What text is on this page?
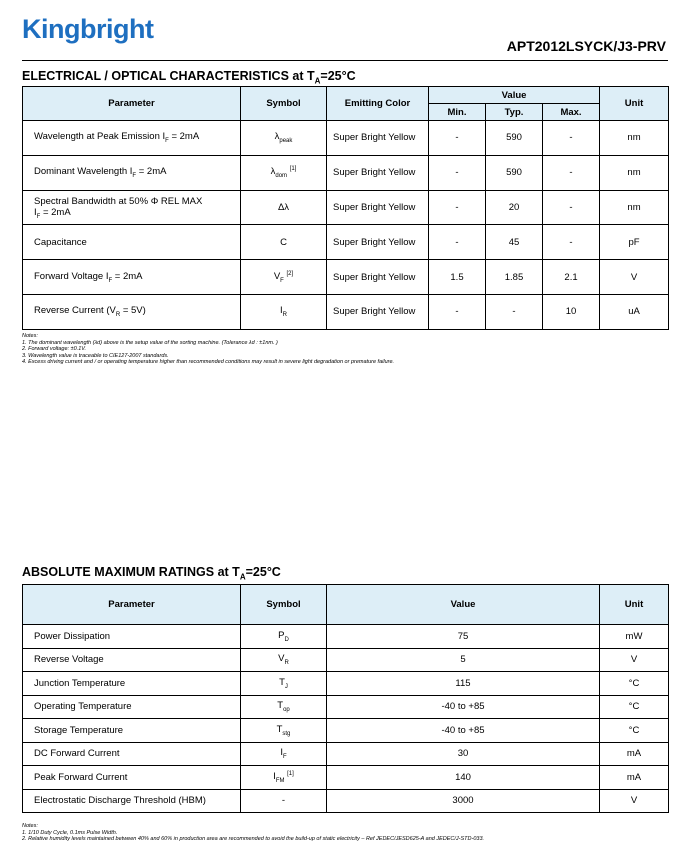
Kingbright
APT2012LSYCK/J3-PRV
ELECTRICAL / OPTICAL CHARACTERISTICS at $T_A=25^\circ C$
Parameter	Symbol	Emitting Color	Value			Unit
			Min.	Typ.	Max.	
Wavelength at Peak Emission $I_F = 2mA$	$\lambda_{peak}$	Super Bright Yellow	-	590	-	nm
Dominant Wavelength $I_F = 2mA$	$\lambda_{dom}$ [1]	Super Bright Yellow	-	590	-	nm
Spectral Bandwidth at 50% Φ REL MAX
$I_F = 2mA$	Δλ	Super Bright Yellow	-	20	-	nm
Capacitance	C	Super Bright Yellow	-	45	-	pF
Forward Voltage $I_F = 2mA$	$V_F$ [2]	Super Bright Yellow	1.5	1.85	2.1	V
Reverse Current $(V_R = 5V)$	$I_R$	Super Bright Yellow	-	-	10	uA
Notes:
1. The dominant wavelength (λd) above is the setup value of the sorting machine. (Tolerance λd : ±1nm. )
2. Forward voltage: ±0.1V.
3. Wavelength value is traceable to CIE127-2007 standards.
4. Excess driving current and / or operating temperature higher than recommended conditions may result in severe light degradation or premature failure.
ABSOLUTE MAXIMUM RATINGS at $T_A=25^\circ C$
Parameter	Symbol	Value	Unit
Power Dissipation	$P_D$	75	mW
Reverse Voltage	$V_R$	5	V
Junction Temperature	$T_J$	115	°C
Operating Temperature	$T_{op}$	-40 to +85	°C
Storage Temperature	$T_{stg}$	-40 to +85	°C
DC Forward Current	$I_F$	30	mA
Peak Forward Current	$I_{FM}$ [1]	140	mA
Electrostatic Discharge Threshold (HBM)	-	3000	V
Notes:
1. 1/10 Duty Cycle, 0.1ms Pulse Width.
2. Relative humidity levels maintained between 40% and 60% in production area are recommended to avoid the build-up of static electricity – Ref JEDEC/JESD625-A and JEDEC/J-STD-033.
